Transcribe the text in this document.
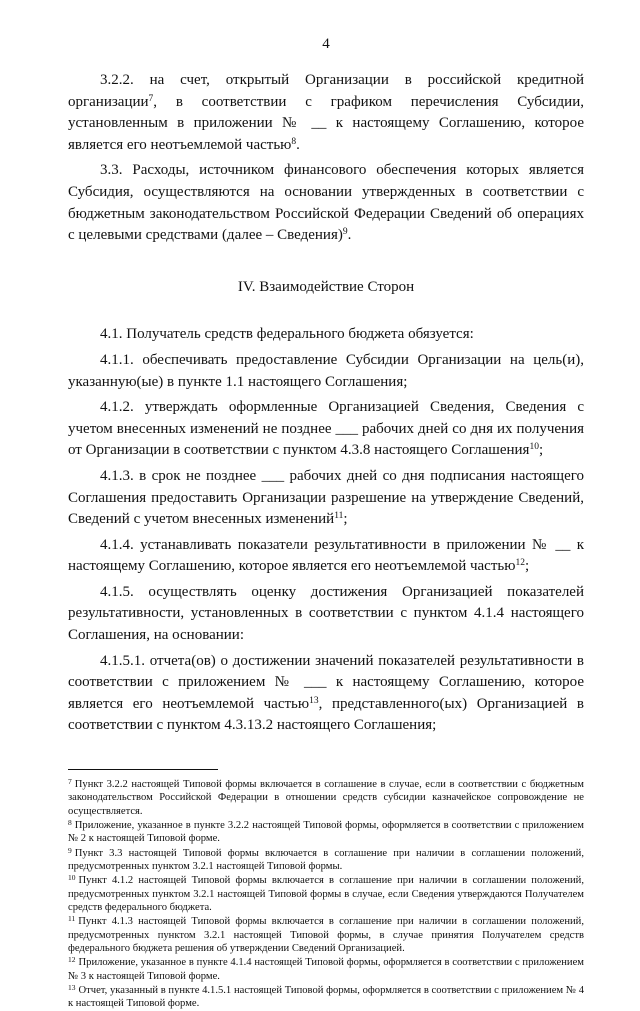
4

3.2.2. на счет, открытый Организации в российской кредитной организации$^7$, в соответствии с графиком перечисления Субсидии, установленным в приложении № __ к настоящему Соглашению, которое является его неотъемлемой частью$^8$.

3.3. Расходы, источником финансового обеспечения которых является Субсидия, осуществляются на основании утвержденных в соответствии с бюджетным законодательством Российской Федерации Сведений об операциях с целевыми средствами (далее – Сведения)$^9$.

IV. Взаимодействие Сторон

4.1. Получатель средств федерального бюджета обязуется:

4.1.1. обеспечивать предоставление Субсидии Организации на цель(и), указанную(ые) в пункте 1.1 настоящего Соглашения;

4.1.2. утверждать оформленные Организацией Сведения, Сведения с учетом внесенных изменений не позднее ___ рабочих дней со дня их получения от Организации в соответствии с пунктом 4.3.8 настоящего Соглашения$^{10}$;

4.1.3. в срок не позднее ___ рабочих дней со дня подписания настоящего Соглашения предоставить Организации разрешение на утверждение Сведений, Сведений с учетом внесенных изменений$^{11}$;

4.1.4. устанавливать показатели результативности в приложении № __ к настоящему Соглашению, которое является его неотъемлемой частью$^{12}$;

4.1.5. осуществлять оценку достижения Организацией показателей результативности, установленных в соответствии с пунктом 4.1.4 настоящего Соглашения, на основании:

4.1.5.1. отчета(ов) о достижении значений показателей результативности в соответствии с приложением № ___ к настоящему Соглашению, которое является его неотъемлемой частью$^{13}$, представленного(ых) Организацией в соответствии с пунктом 4.3.13.2 настоящего Соглашения;

$^7$ Пункт 3.2.2 настоящей Типовой формы включается в соглашение в случае, если в соответствии с бюджетным законодательством Российской Федерации в отношении средств субсидии казначейское сопровождение не осуществляется.
$^8$ Приложение, указанное в пункте 3.2.2 настоящей Типовой формы, оформляется в соответствии с приложением № 2 к настоящей Типовой форме.
$^9$ Пункт 3.3 настоящей Типовой формы включается в соглашение при наличии в соглашении положений, предусмотренных пунктом 3.2.1 настоящей Типовой формы.
$^{10}$ Пункт 4.1.2 настоящей Типовой формы включается в соглашение при наличии в соглашении положений, предусмотренных пунктом 3.2.1 настоящей Типовой формы в случае, если Сведения утверждаются Получателем средств федерального бюджета.
$^{11}$ Пункт 4.1.3 настоящей Типовой формы включается в соглашение при наличии в соглашении положений, предусмотренных пунктом 3.2.1 настоящей Типовой формы, в случае принятия Получателем средств федерального бюджета решения об утверждении Сведений Организацией.
$^{12}$ Приложение, указанное в пункте 4.1.4 настоящей Типовой формы, оформляется в соответствии с приложением № 3 к настоящей Типовой форме.
$^{13}$ Отчет, указанный в пункте 4.1.5.1 настоящей Типовой формы, оформляется в соответствии с приложением № 4 к настоящей Типовой форме.
